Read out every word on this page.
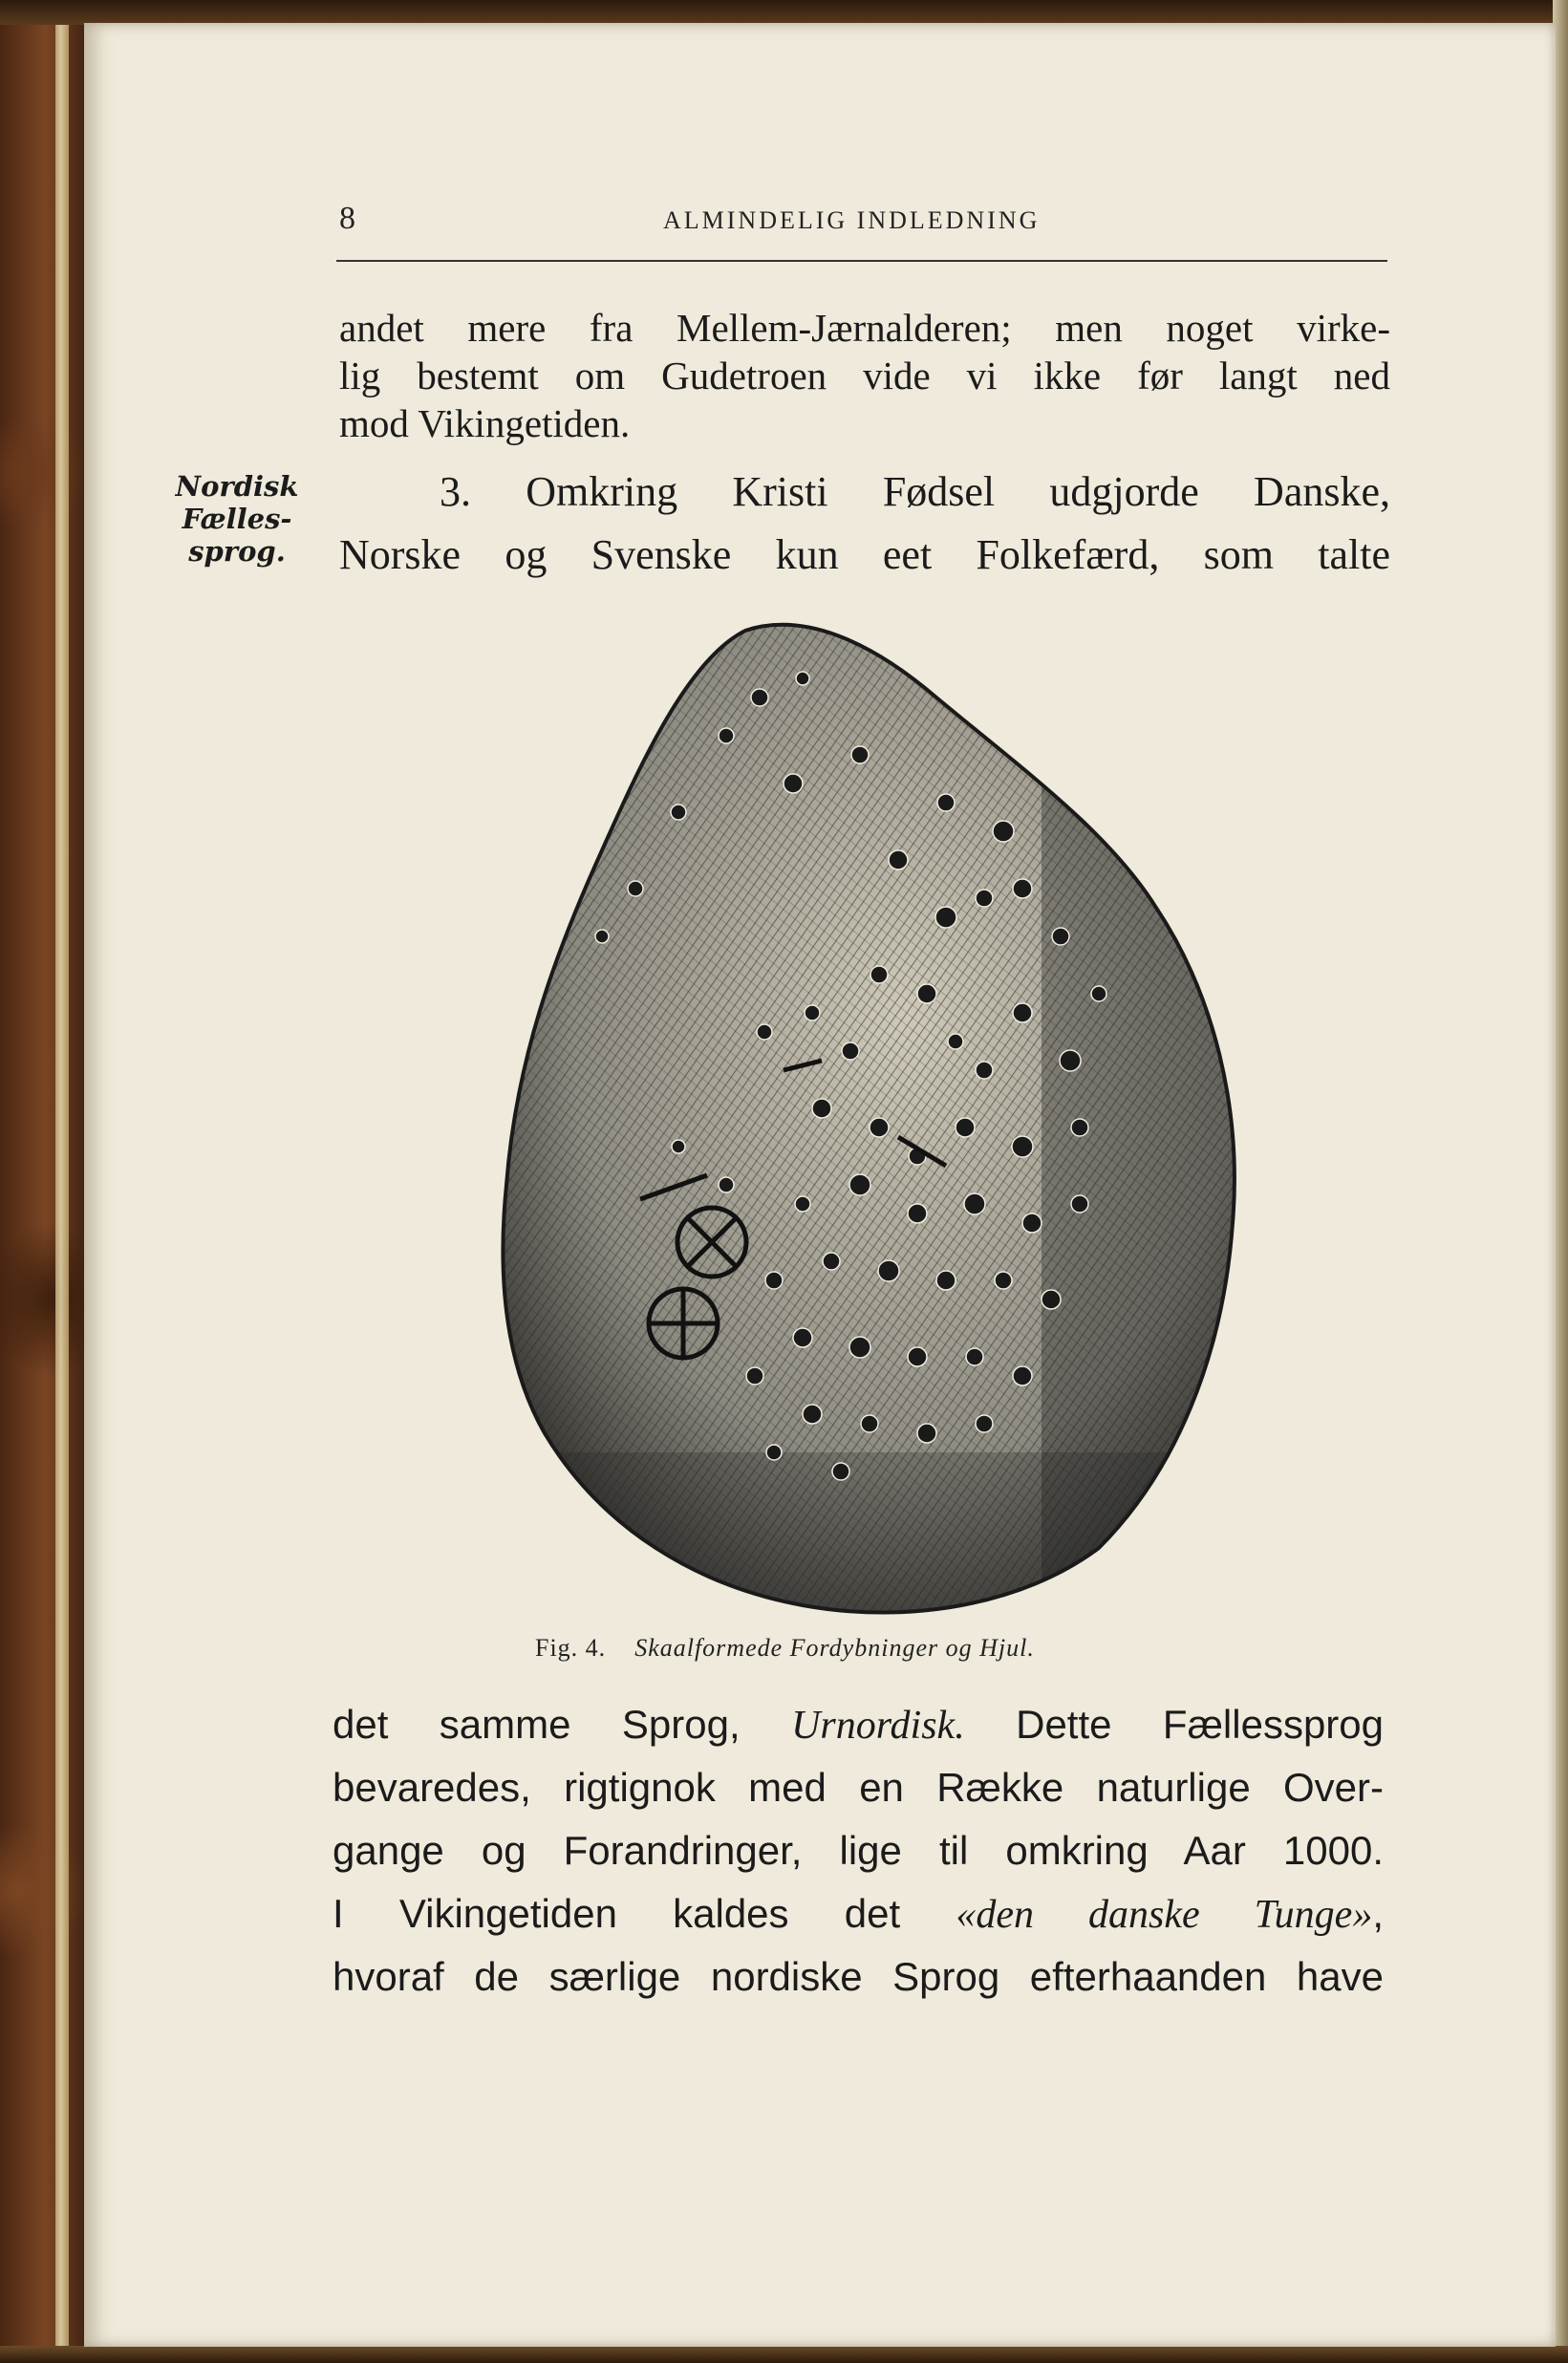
8	ALMINDELIG INDLEDNING
andet mere fra Mellem-Jærnalderen; men noget virke-
lig bestemt om Gudetroen vide vi ikke før langt ned
mod Vikingetiden.
Nordisk
Fælles-
sprog.
3. Omkring Kristi Fødsel udgjorde Danske,
Norske og Svenske kun eet Folkefærd, som talte
Fig. 4. Skaalformede Fordybninger og Hjul.
det samme Sprog, Urnordisk. Dette Fællessprog
bevaredes, rigtignok med en Række naturlige Over-
gange og Forandringer, lige til omkring Aar 1000.
I Vikingetiden kaldes det «den danske Tunge»,
hvoraf de særlige nordiske Sprog efterhaanden have
